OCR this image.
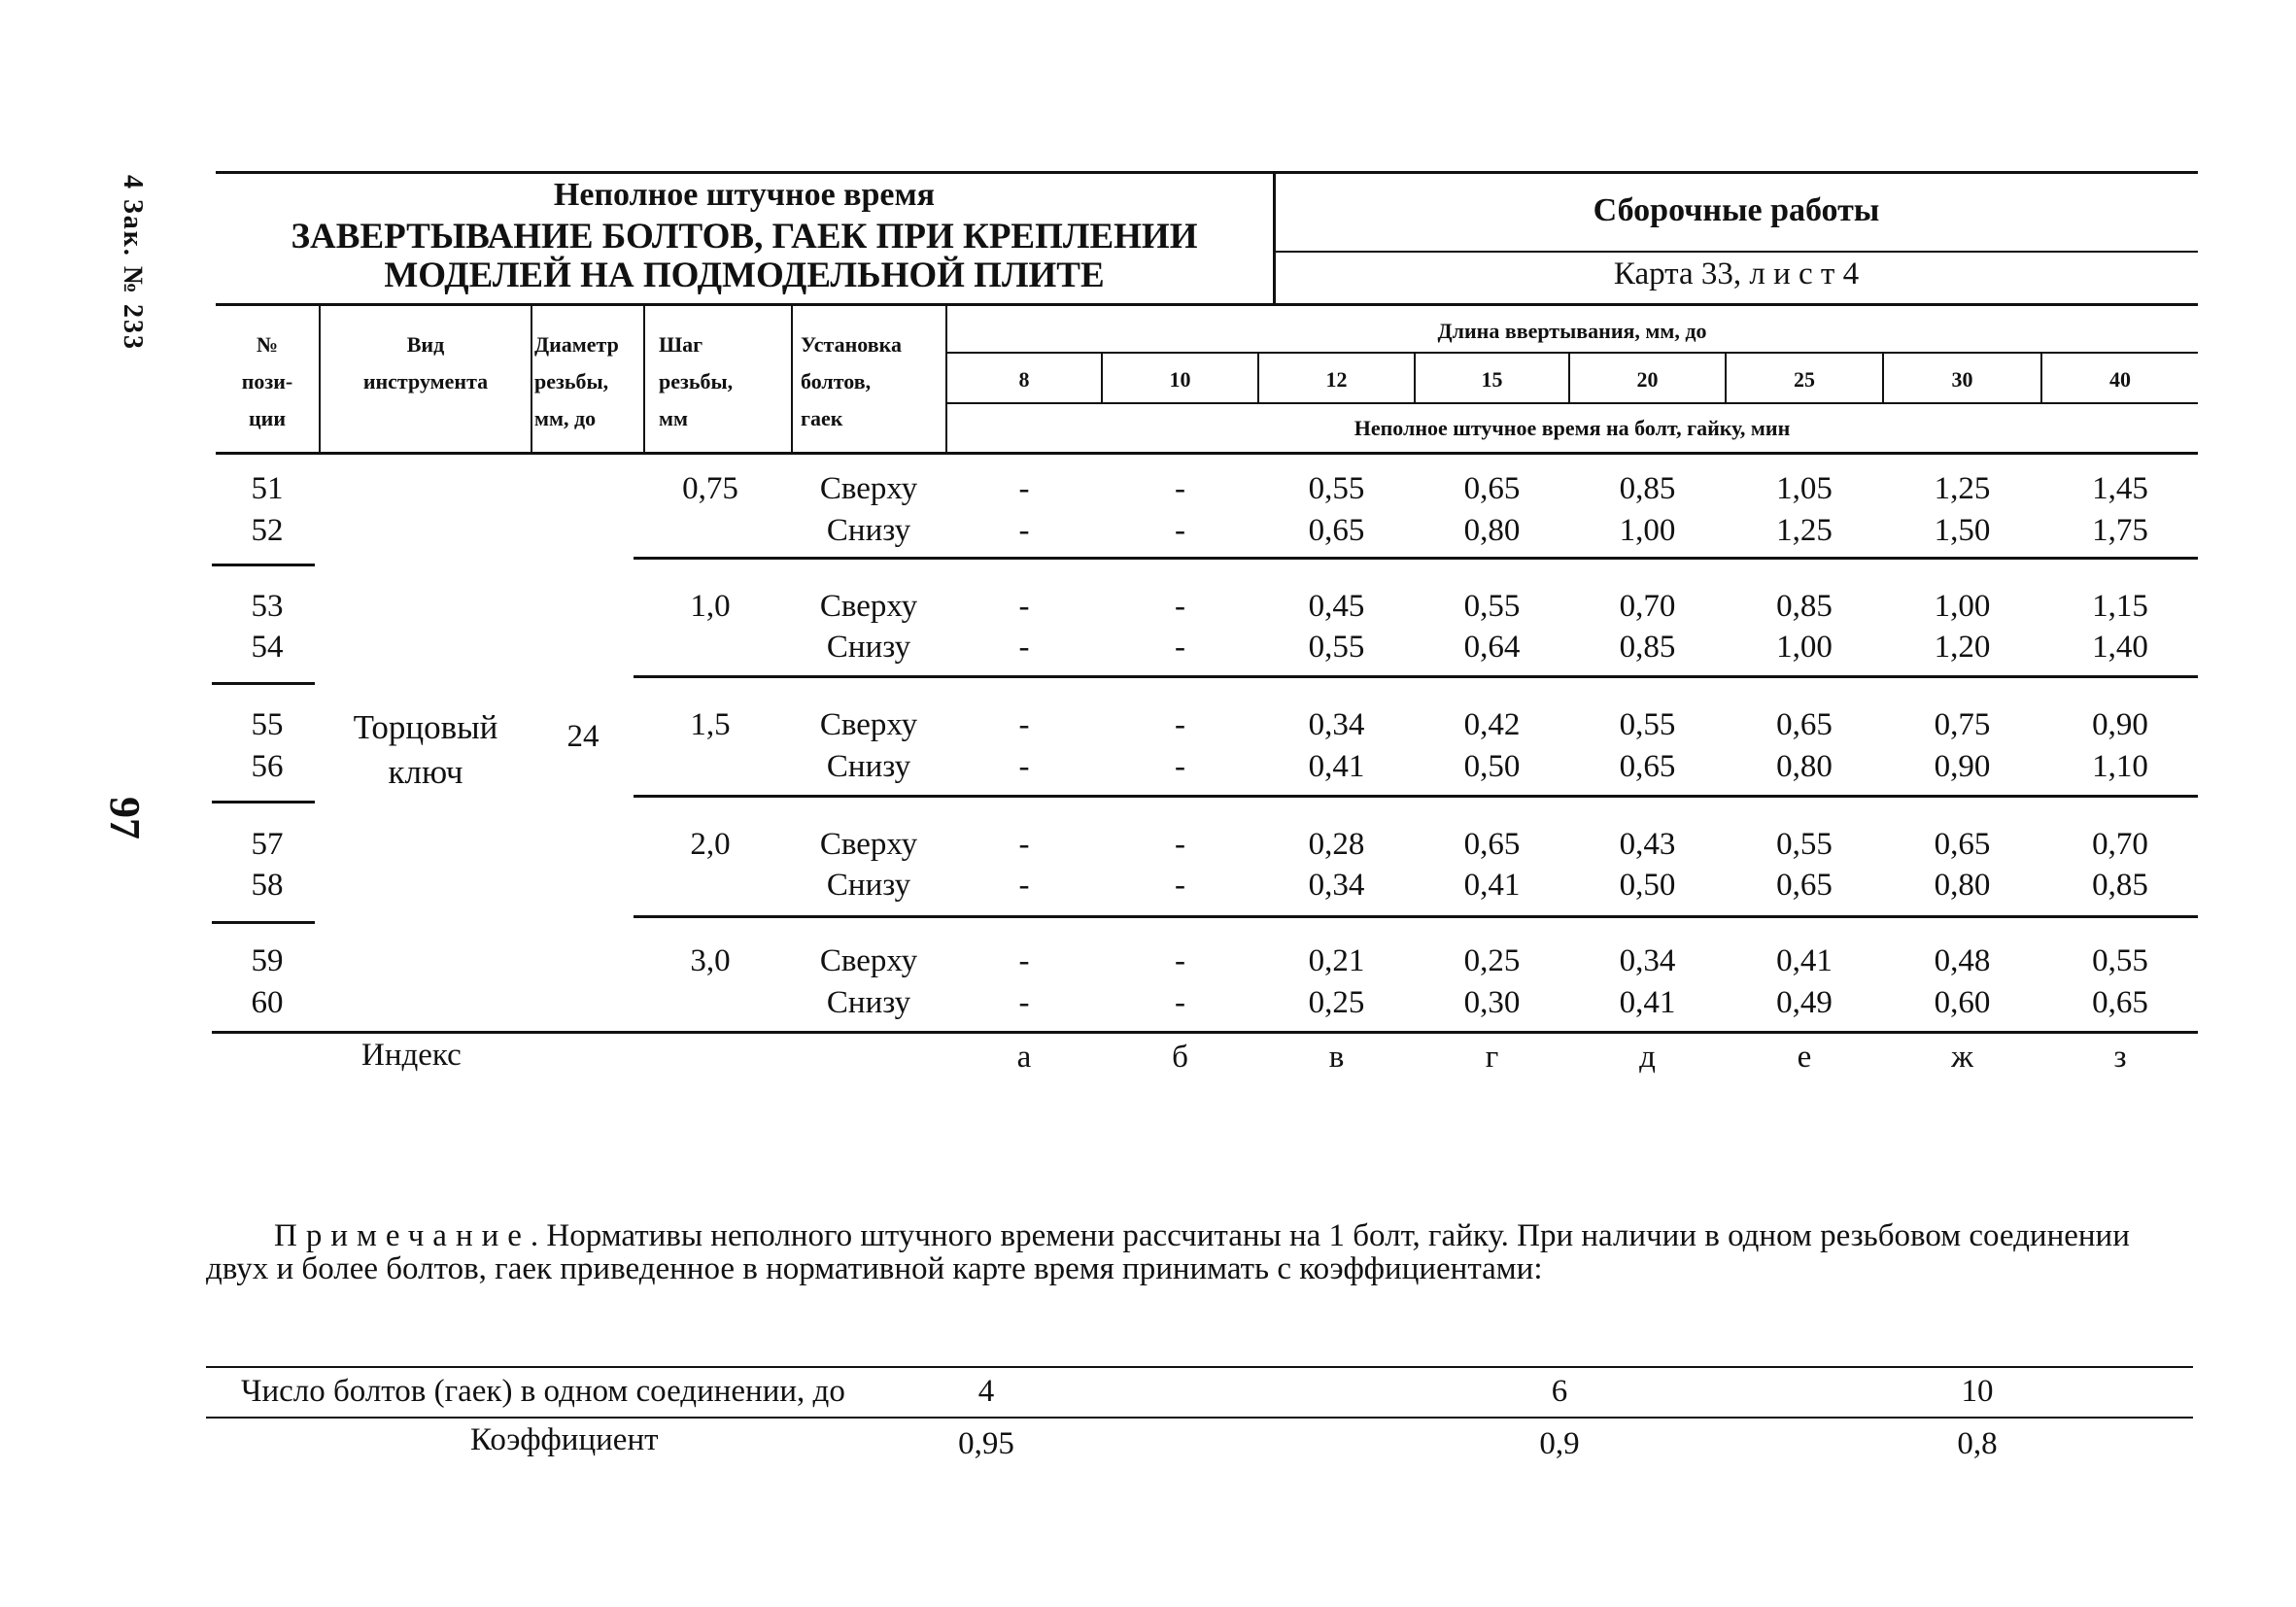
4 Зак. № 233
97
Неполное штучное время
ЗАВЕРТЫВАНИЕ БОЛТОВ, ГАЕК ПРИ КРЕПЛЕНИИ
МОДЕЛЕЙ НА ПОДМОДЕЛЬНОЙ ПЛИТЕ
Сборочные работы
Карта 33, л и с т 4
№
пози-
ции
Вид
инструмента
Диаметр
резьбы,
мм, до
Шаг
резьбы,
мм
Установка
болтов,
гаек
Длина ввертывания, мм, до
8	10	12	15	20	25	30	40
Неполное штучное время на болт, гайку, мин
Торцовый
ключ
24
51	0,75	Сверху	-	-	0,55	0,65	0,85	1,05	1,25	1,45
52	Снизу	-	-	0,65	0,80	1,00	1,25	1,50	1,75
53	1,0	Сверху	-	-	0,45	0,55	0,70	0,85	1,00	1,15
54	Снизу	-	-	0,55	0,64	0,85	1,00	1,20	1,40
55	1,5	Сверху	-	-	0,34	0,42	0,55	0,65	0,75	0,90
56	Снизу	-	-	0,41	0,50	0,65	0,80	0,90	1,10
57	2,0	Сверху	-	-	0,28	0,65	0,43	0,55	0,65	0,70
58	Снизу	-	-	0,34	0,41	0,50	0,65	0,80	0,85
59	3,0	Сверху	-	-	0,21	0,25	0,34	0,41	0,48	0,55
60	Снизу	-	-	0,25	0,30	0,41	0,49	0,60	0,65
Индекс	а	б	в	г	д	е	ж	з
Примечание. Нормативы неполного штучного времени рассчитаны на 1 болт, гайку. При наличии в одном резьбовом соединении двух и более болтов, гаек приведенное в нормативной карте время принимать с коэффициентами:
Число болтов (гаек) в одном соединении, до	4	6	10
Коэффициент	0,95	0,9	0,8
